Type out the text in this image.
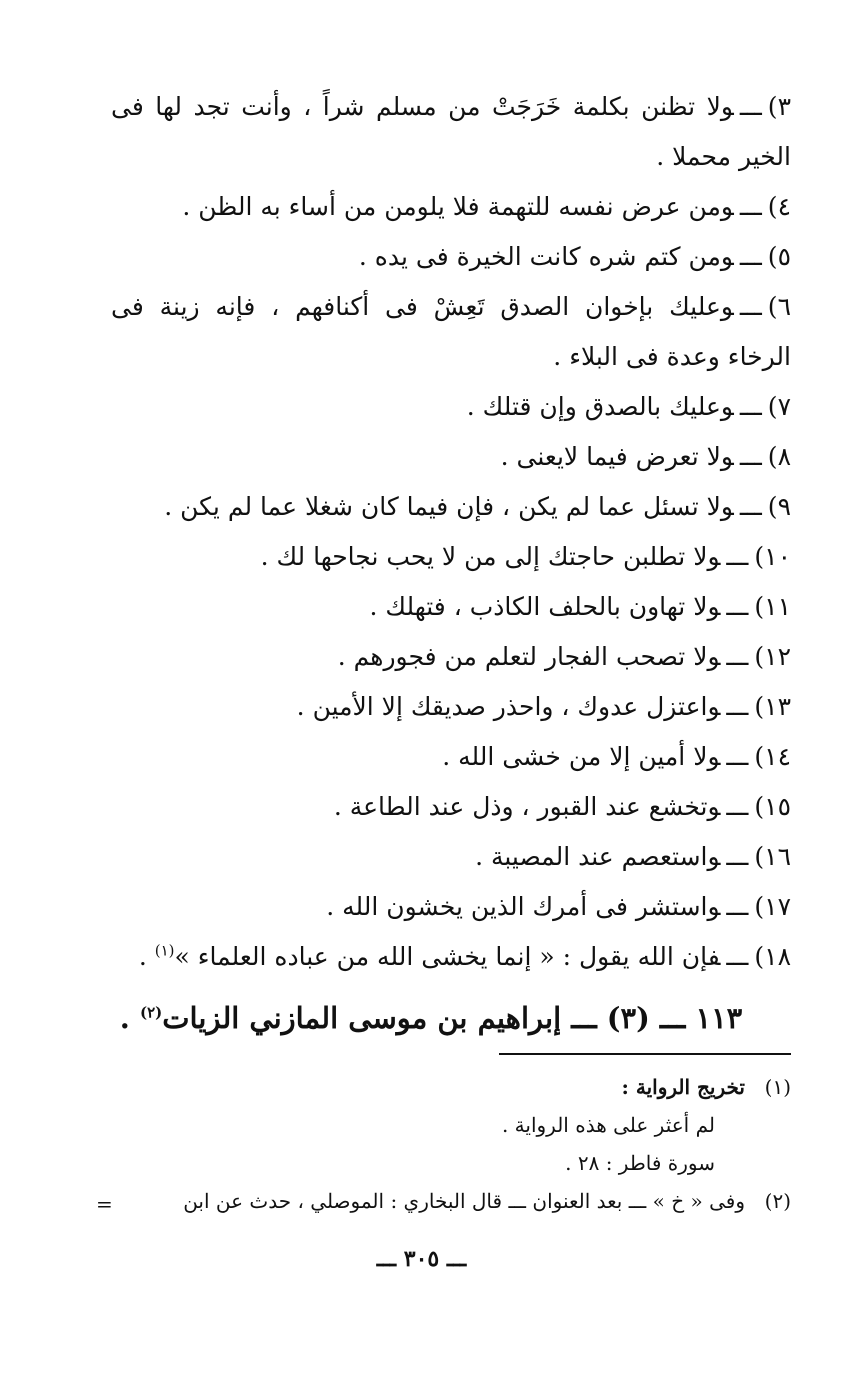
٣)ـــولا تظنن بكلمة خَرَجَتْ من مسلم شراً ، وأنت تجد لها فى الخير محملا .

٤)ـــومن عرض نفسه للتهمة فلا يلومن من أساء به الظن .

٥)ـــومن كتم شره كانت الخيرة فى يده .

٦)ـــوعليك بإخوان الصدق تَعِشْ فى أكنافهم ، فإنه زينة فى الرخاء وعدة فى البلاء .

٧)ـــوعليك بالصدق وإن قتلك .

٨)ـــولا تعرض فيما لايعنى .

٩)ـــولا تسئل عما لم يكن ، فإن فيما كان شغلا عما لم يكن .

١٠)ـــولا تطلبن حاجتك إلى من لا يحب نجاحها لك .

١١)ـــولا تهاون بالحلف الكاذب ، فتهلك .

١٢)ـــولا تصحب الفجار لتعلم من فجورهم .

١٣)ـــواعتزل عدوك ، واحذر صديقك إلا الأمين .

١٤)ـــولا أمين إلا من خشى الله .

١٥)ـــوتخشع عند القبور ، وذل عند الطاعة .

١٦)ـــواستعصم عند المصيبة .

١٧)ـــواستشر فى أمرك الذين يخشون الله .

١٨)ـــفإن الله يقول : « إنما يخشى الله من عباده العلماء »$^{(١)}$ .

١١٣ ـــ (٣) ـــ إبراهيم بن موسى المازني الزيات$^{(٢)}$ .

(١)تخريج الرواية :

لم أعثر على هذه الرواية .

سورة فاطر : ٢٨ .

(٢)وفى « خ » ـــ بعد العنوان ـــ قال البخاري : الموصلي ، حدث عن ابن

=
ـــ ٣٠٥ ـــ
